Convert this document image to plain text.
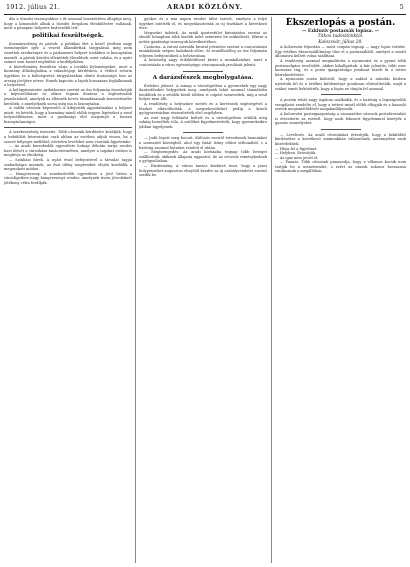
1912. július 21.	ARADI KÖZLÖNY.	5

dés a tőzsdei viszonyokhoz s itt azonnal hozzáértően állapítja meg, hogy a kimondott alkuk a tőzsdei forgalom élénkülésére vallanak, mert a pénzpiac helyzete kedvezőbb lett.

politikai feszültségek.

Kormányválság és pártok: a politikai élet a közel jövőben nagy eseményeket ígér, a vezető államférfiak tárgyalásai még nem vezettek eredményre és a parlamenti helyzet továbbra is bizonytalan maradt. A pártok közötti ellentétek élesebbek, mint valaha, és a nyári szünet sem hozott enyhülést a kedélyekben.

A közvélemény feszülten várja a további fejleményeket, mert a kormány állásfoglalása a választójogi kérdésben, a véderő reform ügyében és a költségvetés tárgyalásában döntő fontosságú lesz az ország jövőjére nézve. Ennek kapcsán a lapok hosszasan foglalkoznak a helyzettel.

A belügyminiszter nyilatkozata szerint az ősz folyamán összehívják a képviselőházat és ekkor fognak dönteni a legfontosabb javaslatokról, amelyek az ellenzék heves támadásainak kereszttüzébe kerültek, s amelyeknek sorsa még ma is bizonytalan.

A vidéki városok képviselői is kifejezték aggodalmukat a helyzet miatt, és kérték, hogy a kormány minél előbb tegyen lépéseket a rend helyreállítására, mert a gazdasági élet megsínyli a hosszú bizonytalanságot.

A szerkesztőség üzenetei. Több olvasónk kérdésére közöljük, hogy a beküldött kéziratokat csak abban az esetben adjuk vissza, ha a szerző bélyeget mellékel; névtelen leveleket nem veszünk figyelembe.

— Az aradi kereskedők egyesülete holnap délután tartja rendes havi ülését a városháza tanácstermében, amelyre a tagokat ezúton is meghívja az elnökség.

— Színházi hírek. A nyári évad befejeztével a társulat tagjai szabadságra mennek, az őszi idény szeptember elején kezdődik a megszokott módon.

— Hangverseny. A zenekedvelők egyesülete a jövő héten a városligetben nagy hangversenyt rendez, amelynek tiszta jövedelmét jótékony célra fordítják.

gyükre és a mai napon rendes ülést tartott, amelyen a folyó ügyeket intézték el, és megválasztották az új tisztikart a következő évre.

Megszűnt üzletek. Az aradi ipartestület kimutatása szerint az elmúlt hónapban több kisebb üzlet szüntette be működését, főként a nehéz gazdasági viszonyok következtében.

Csatorna. A városi mérnöki hivatal jelentése szerint a csatornázási munkálatok szépen haladnak előre, és remélhetőleg az ősz folyamán teljesen befejeződnek a belvárosban.

A közönség nagy érdeklődéssel kíséri a munkálatokat, mert a csatornázás a város egészségügyi viszonyainak javulását jelenti.

A darázsfészek megbolygatása.

Érdekes jelenet. A minap a városligetben a gyermekek egy nagy darázsfészket bolygattak meg, amelynek lakói azonnal támadásba lendültek és a sétálók közül többen is csípést szenvedtek, míg a rend helyre nem állt.

A rendőrség a helyszínre sietett és a kertészek segítségével a fészket eltávolították, a megsebesülteket pedig a közeli gyógyszertárban részesítették első segélyben.

Az eset nagy feltűnést keltett és a városligetben sétálók még sokáig beszéltek róla. A szülőket figyelmeztették, hogy gyermekeikre jobban ügyeljenek.

— Judit lépett meg bocsát. Különös esetről értesítenek bennünket a szomszéd községből, ahol egy fiatal leány eltűnt otthonából, s a hatóság azonnal kutatást rendelt el utána.

— Megbetegedés. Az aradi kórházba tegnap több beteget szállítottak, akiknek állapota aggasztó, de az orvosok reménykednek a gyógyulásban.

— Hirdetmény. A városi tanács közhírré teszi, hogy a piaci helypénzeket augusztus elsejétől kezdve az új szabályrendelet szerint szedik be.

Ékszerlopás a postán.

— Exkluzív postazsák lopása. —

Titkos tudósítónktól.

Kolozsvár, július 20.

A kolozsvári főpostán — most csupán tegnap — nagy lopás történt. Egy értékes ékszerszállítmány tűnt el a postazsákból, amelyet a vasúti állomásra kellett volna szállítani.

A rendőrség azonnal megindította a nyomozást és a gyanú több postaszolgára terelődött, akiket kihallgattak. A kár jelentős, több ezer koronára rúg, és a posta igazgatósága jutalmat tűzött ki a tettes kézrekerítésére.

A nyomozás során kiderült, hogy a zsákot a rakodás közben nyitották fel és a értékes küldeményt gondosan eltávolították, majd a zsákot ismét bekötötték, hogy a lopás ne tűnjön fel azonnal.

A postán tehát nagy izgalom uralkodik, és a hatóság a legszigorúbb vizsgálatot rendelte el, hogy a tettest minél előbb elfogják és a hasonló esetek megismétlődését megakadályozzák.

A kolozsvári postaigazgatóság a szomszédos városok postahivatalait is értesítette az esetről, hogy azok fokozott figyelemmel kísérjék a gyanús személyeket.

— Levelezés. Az aradi olvasóinkat értesítjük, hogy a beküldött kérdésekre a következő számunkban válaszolunk, amennyiben azok közérdekűek.

— Hívja fel a figyelmet.

— Helyben. Értesítjük.

— Az igaz nem jutott el.

— Panasz. Több olvasónk panaszolja, hogy a villamos kocsik nem tartják be a menetrendet, s ezért az utasok sokszor hosszasan várakoznak a megállókon.
